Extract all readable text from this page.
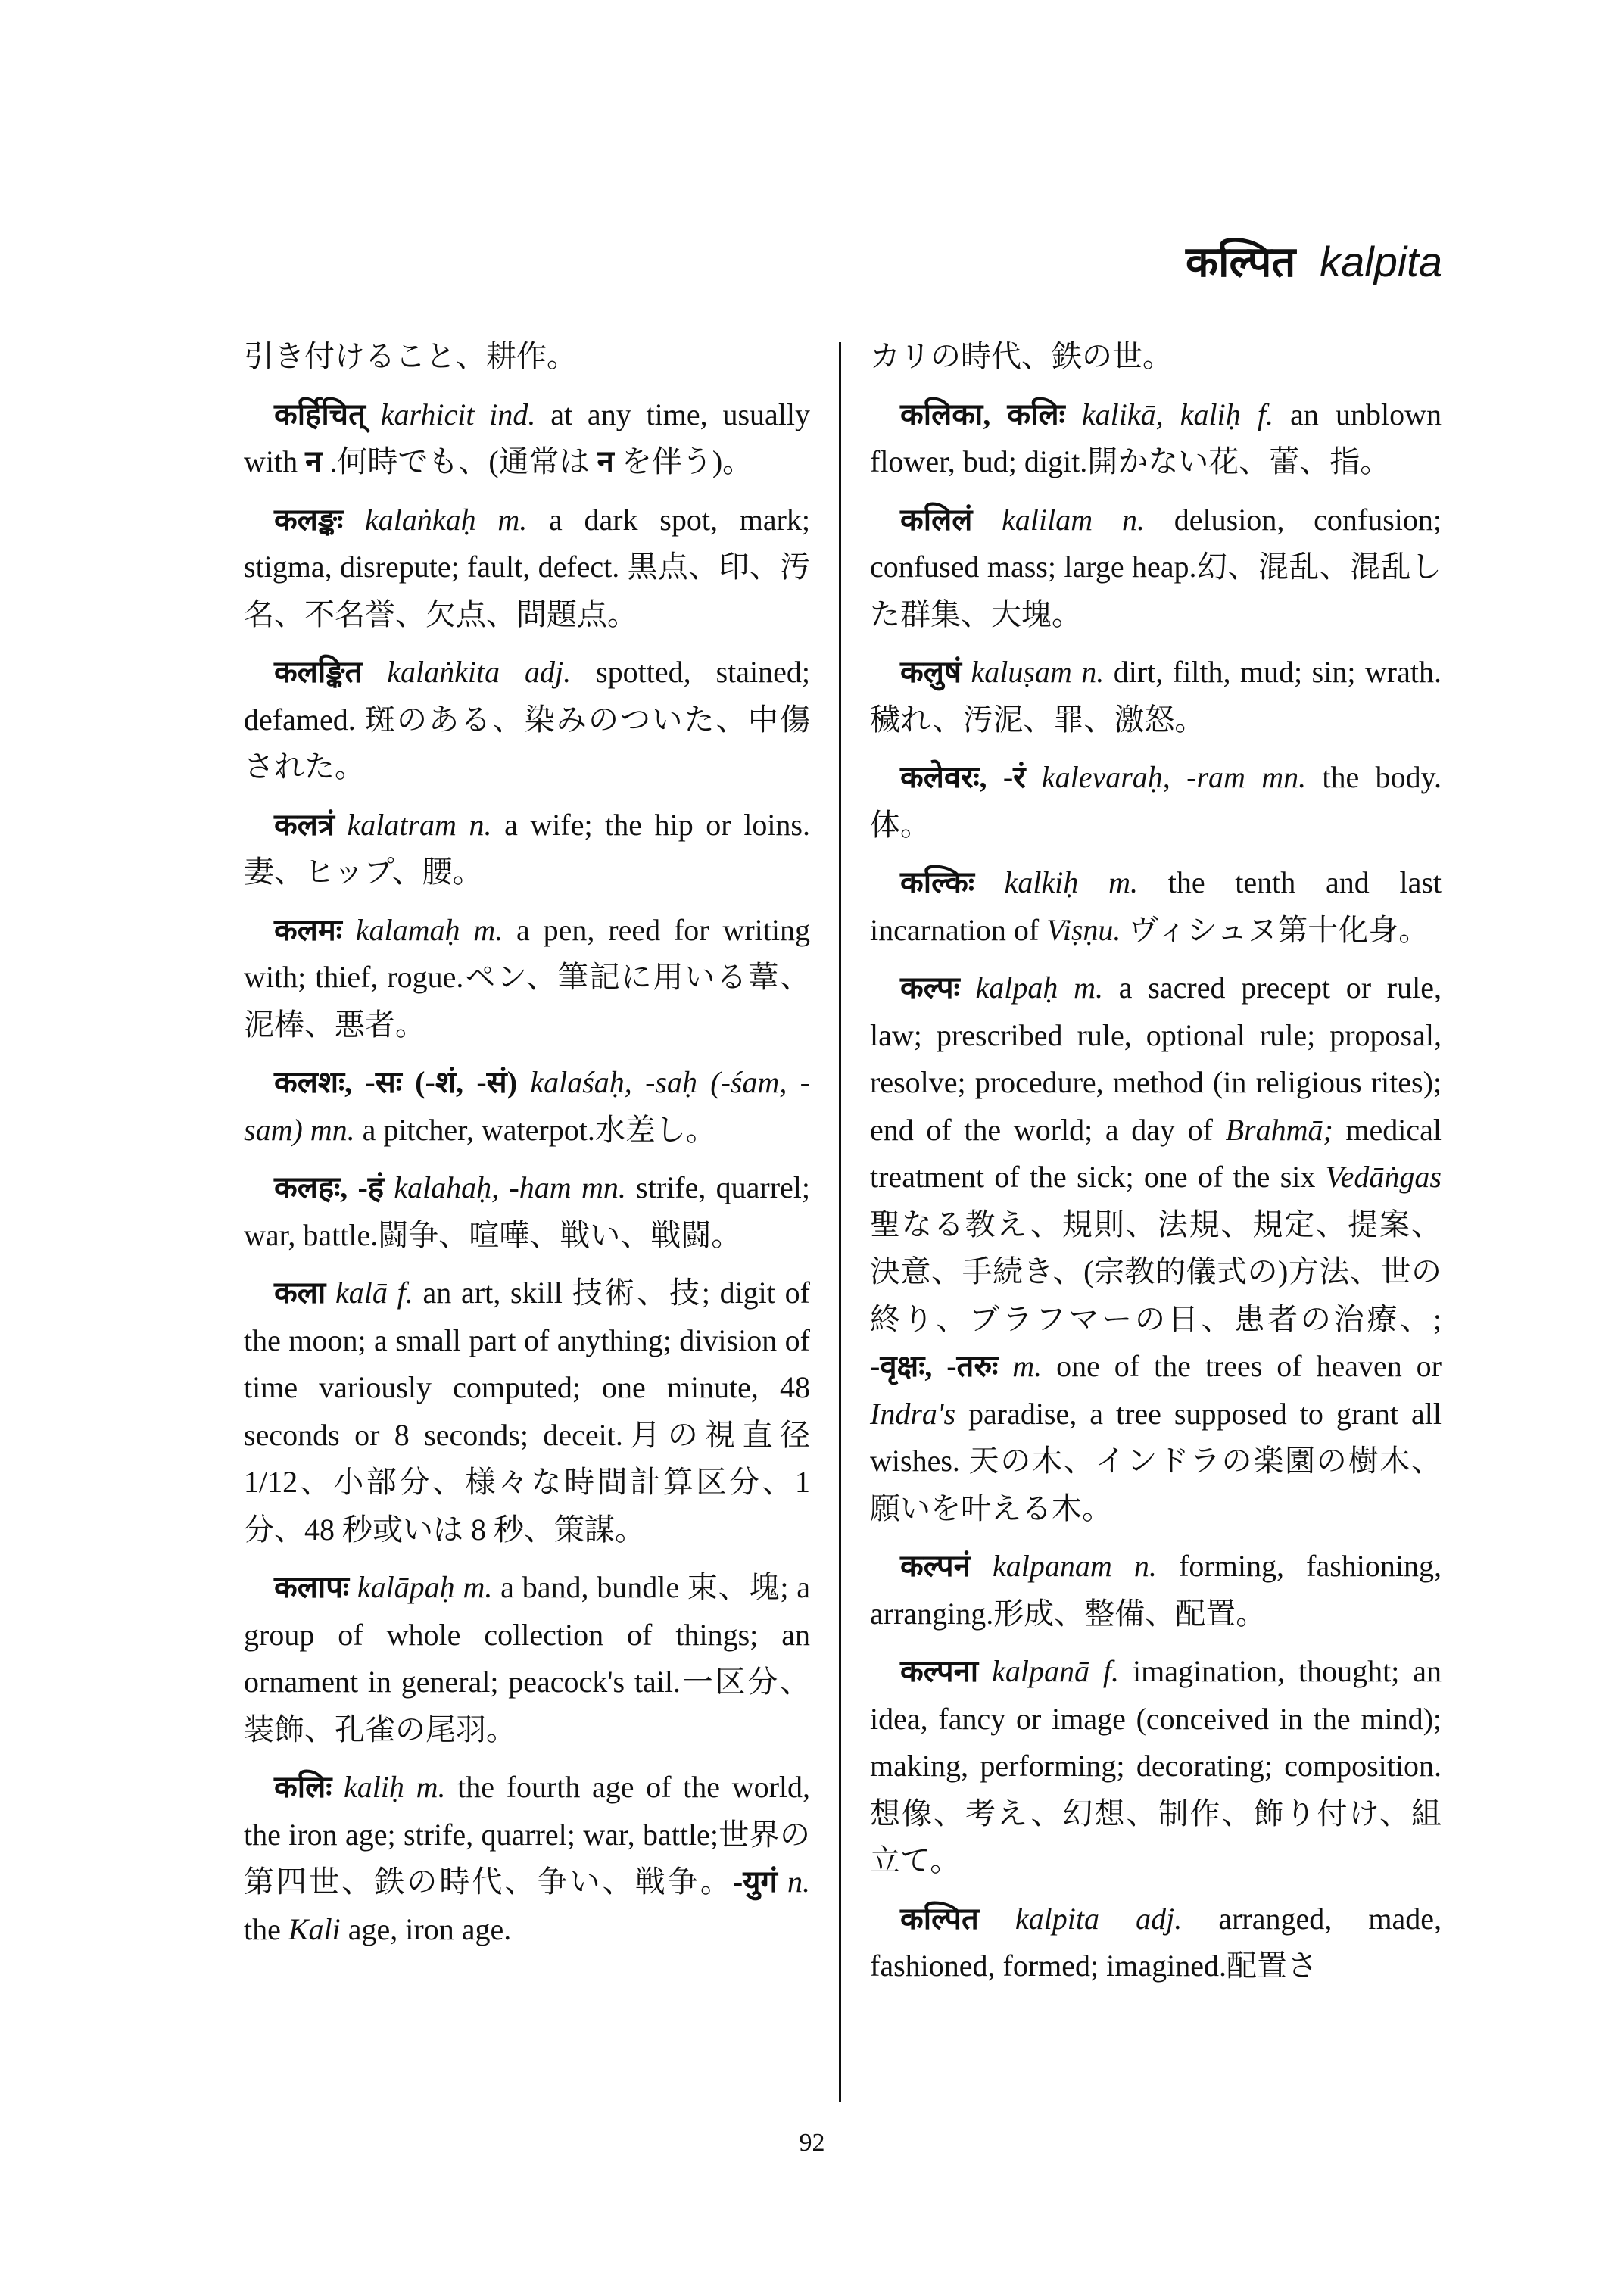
कल्पित kalpita

引き付けること、耕作。

कर्हिचित् karhicit ind. at any time, usually with न .何時でも、(通常は न を伴う)。

कलङ्कः kalaṅkaḥ m. a dark spot, mark; stigma, disrepute; fault, defect. 黒点、印、汚名、不名誉、欠点、問題点。

कलङ्कित kalaṅkita adj. spotted, stained; defamed. 斑のある、染みのついた、中傷された。

कलत्रं kalatram n. a wife; the hip or loins.妻、ヒップ、腰。

कलमः kalamaḥ m. a pen, reed for writing with; thief, rogue.ペン、筆記に用いる葦、泥棒、悪者。

कलशः, -सः (-शं, -सं) kalaśaḥ, -saḥ (-śam, -sam) mn. a pitcher, waterpot.水差し。

कलहः, -हं kalahaḥ, -ham mn. strife, quarrel; war, battle.闘争、喧嘩、戦い、戦闘。

कला kalā f. an art, skill 技術、技; digit of the moon; a small part of anything; division of time variously computed; one minute, 48 seconds or 8 seconds; deceit.月の視直径 1/12、小部分、様々な時間計算区分、1 分、48 秒或いは 8 秒、策謀。

कलापः kalāpaḥ m. a band, bundle 束、塊; a group of whole collection of things; an ornament in general; peacock's tail.一区分、装飾、孔雀の尾羽。

कलिः kaliḥ m. the fourth age of the world, the iron age; strife, quarrel; war, battle;世界の第四世、鉄の時代、争い、戦争。-युगं n. the Kali age, iron age.

カリの時代、鉄の世。

कलिका, कलिः kalikā, kaliḥ f. an unblown flower, bud; digit.開かない花、蕾、指。

कलिलं kalilam n. delusion, confusion; confused mass; large heap.幻、混乱、混乱した群集、大塊。

कलुषं kaluṣam n. dirt, filth, mud; sin; wrath. 穢れ、汚泥、罪、激怒。

कलेवरः, -रं kalevaraḥ, -ram mn. the body. 体。

कल्किः kalkiḥ m. the tenth and last incarnation of Viṣṇu. ヴィシュヌ第十化身。

कल्पः kalpaḥ m. a sacred precept or rule, law; prescribed rule, optional rule; proposal, resolve; procedure, method (in religious rites); end of the world; a day of Brahmā; medical treatment of the sick; one of the six Vedāṅgas 聖なる教え、規則、法規、規定、提案、決意、手続き、(宗教的儀式の)方法、世の終り、ブラフマーの日、患者の治療、; -वृक्षः, -तरुः m. one of the trees of heaven or Indra's paradise, a tree supposed to grant all wishes. 天の木、インドラの楽園の樹木、願いを叶える木。

कल्पनं kalpanam n. forming, fashioning, arranging.形成、整備、配置。

कल्पना kalpanā f. imagination, thought; an idea, fancy or image (conceived in the mind); making, performing; decorating; composition.想像、考え、幻想、制作、飾り付け、組立て。

कल्पित kalpita adj. arranged, made, fashioned, formed; imagined.配置さ

92
